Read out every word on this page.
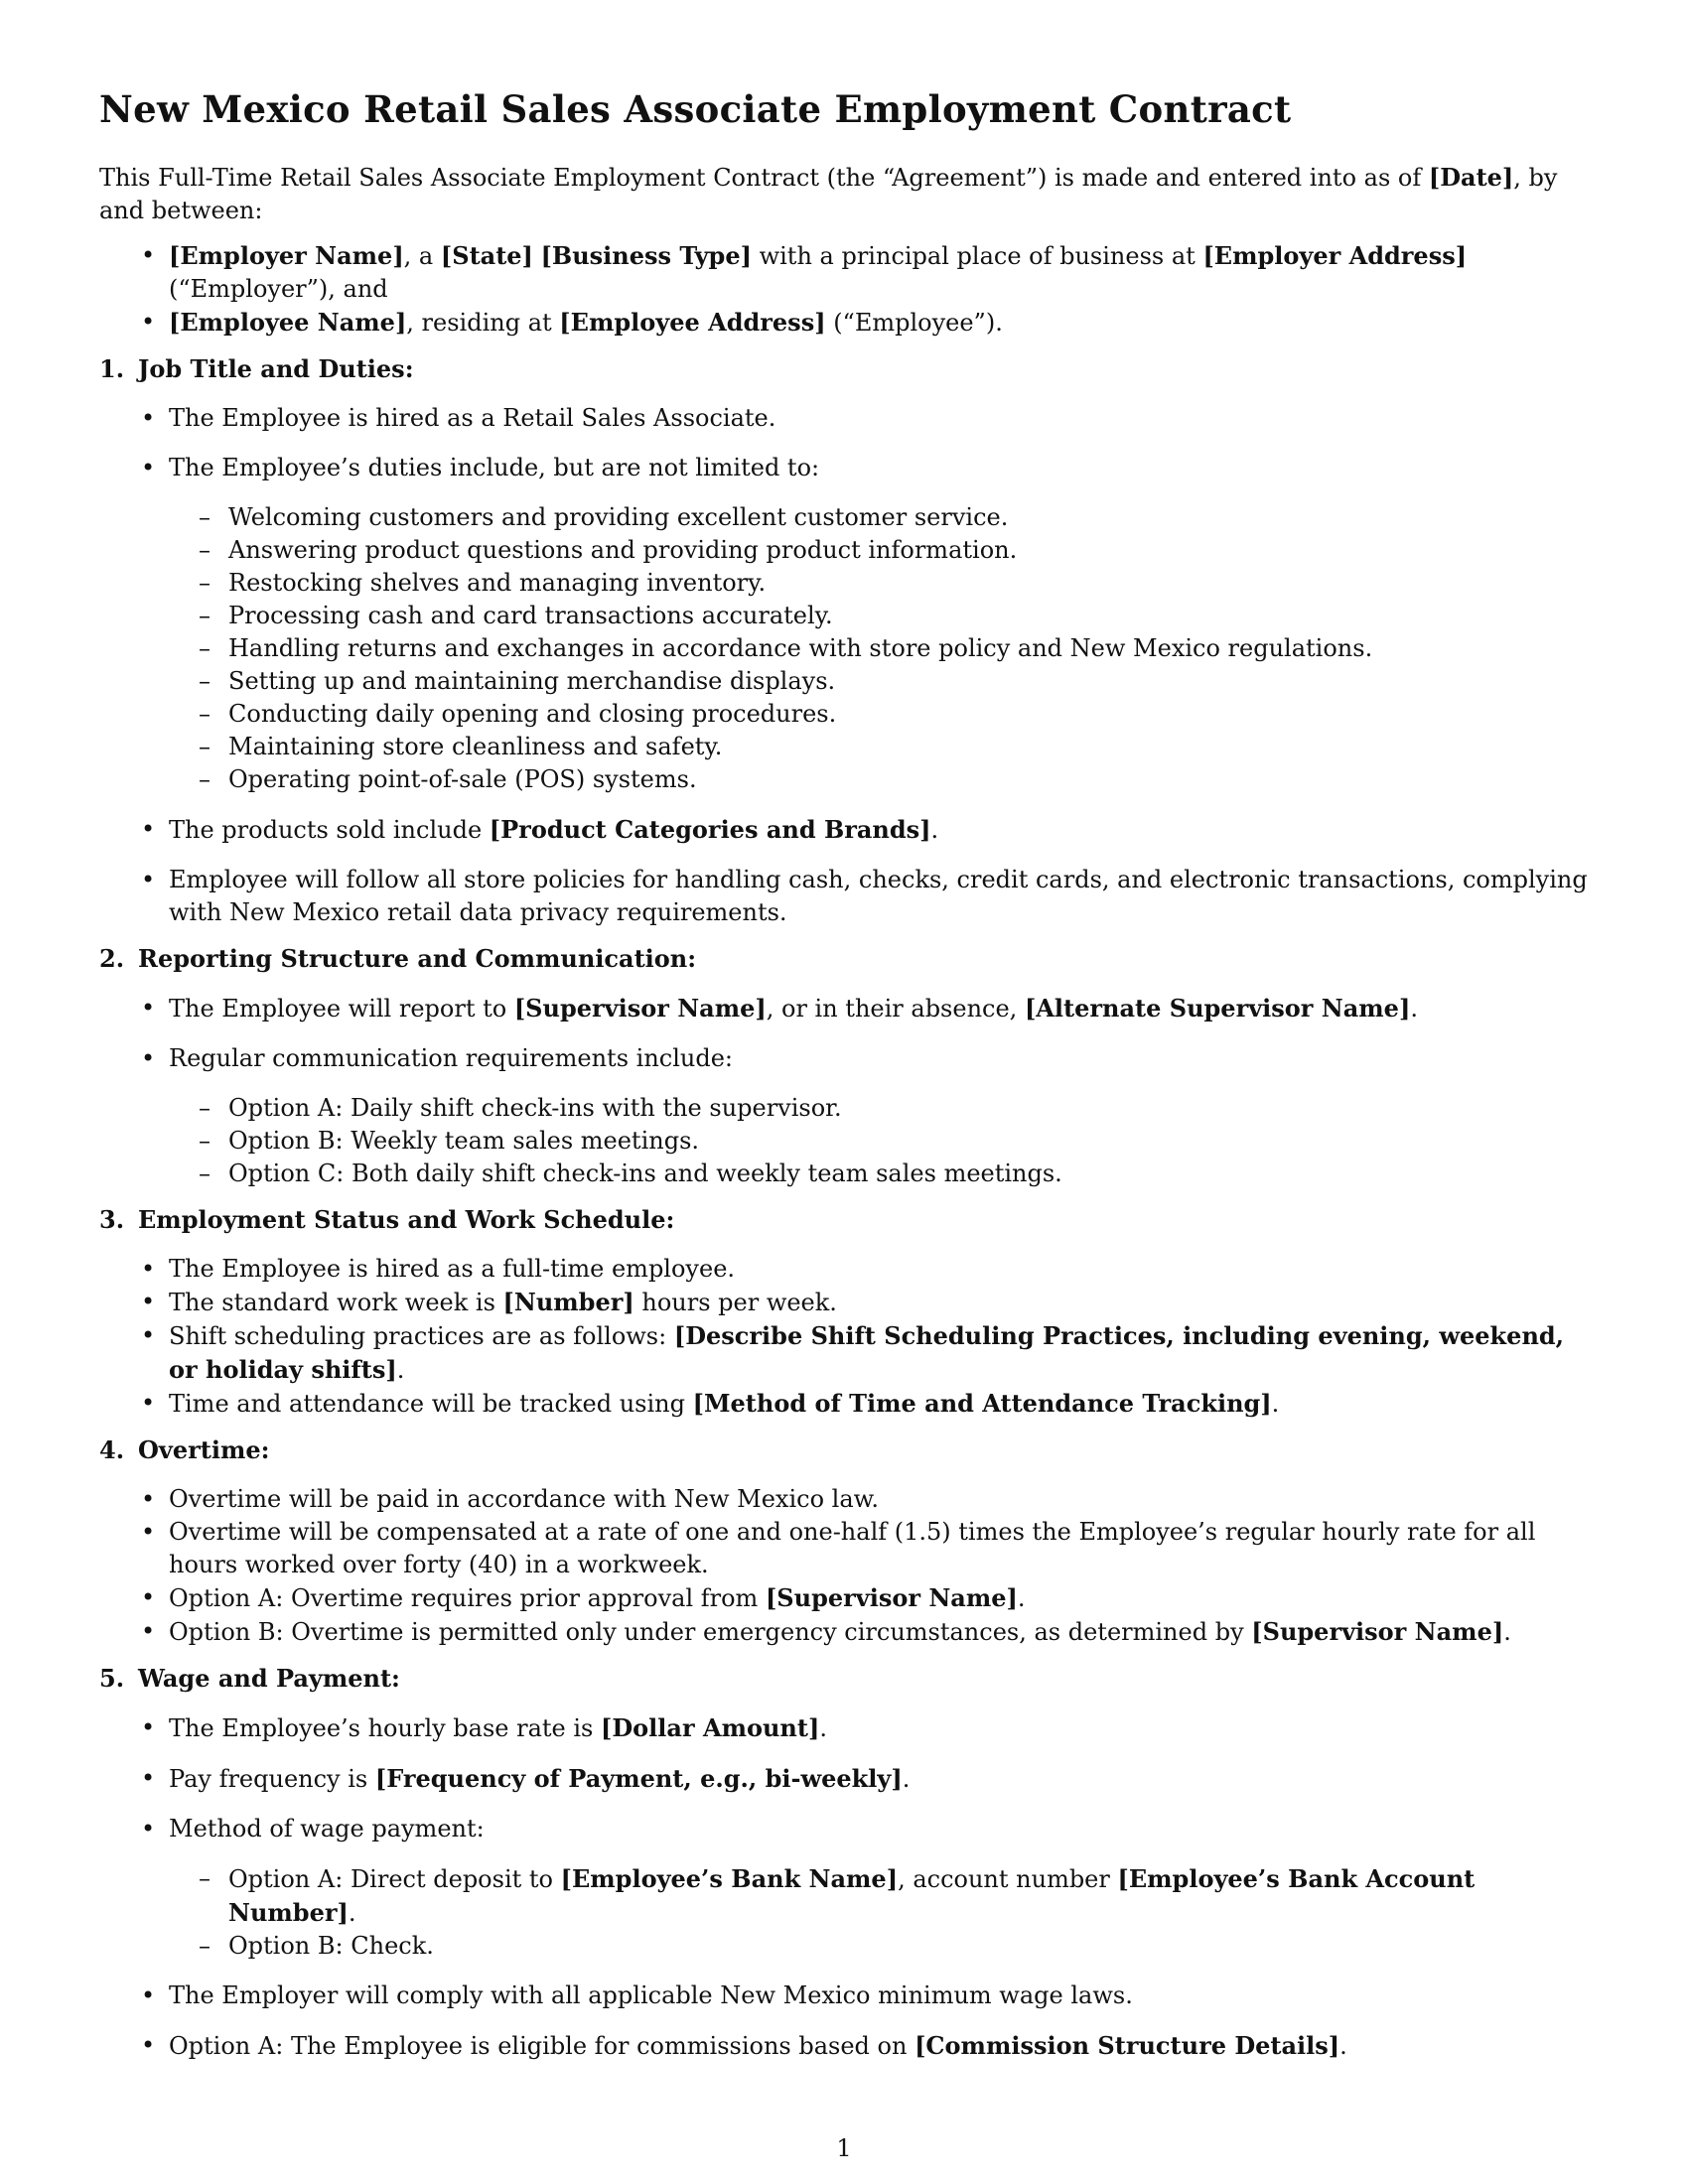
New Mexico Retail Sales Associate Employment Contract

This Full-Time Retail Sales Associate Employment Contract (the “Agreement”) is made and entered into as of [Date], by and between:

• [Employer Name], a [State] [Business Type] with a principal place of business at [Employer Address] (“Employer”), and
• [Employee Name], residing at [Employee Address] (“Employee”).
1. Job Title and Duties:
• The Employee is hired as a Retail Sales Associate.
• The Employee’s duties include, but are not limited to:
– Welcoming customers and providing excellent customer service.
– Answering product questions and providing product information.
– Restocking shelves and managing inventory.
– Processing cash and card transactions accurately.
– Handling returns and exchanges in accordance with store policy and New Mexico regulations.
– Setting up and maintaining merchandise displays.
– Conducting daily opening and closing procedures.
– Maintaining store cleanliness and safety.
– Operating point-of-sale (POS) systems.
• The products sold include [Product Categories and Brands].
• Employee will follow all store policies for handling cash, checks, credit cards, and electronic transactions, complying with New Mexico retail data privacy requirements.
2. Reporting Structure and Communication:
• The Employee will report to [Supervisor Name], or in their absence, [Alternate Supervisor Name].
• Regular communication requirements include:
– Option A: Daily shift check-ins with the supervisor.
– Option B: Weekly team sales meetings.
– Option C: Both daily shift check-ins and weekly team sales meetings.
3. Employment Status and Work Schedule:
• The Employee is hired as a full-time employee.
• The standard work week is [Number] hours per week.
• Shift scheduling practices are as follows: [Describe Shift Scheduling Practices, including evening, weekend, or holiday shifts].
• Time and attendance will be tracked using [Method of Time and Attendance Tracking].
4. Overtime:
• Overtime will be paid in accordance with New Mexico law.
• Overtime will be compensated at a rate of one and one-half (1.5) times the Employee’s regular hourly rate for all hours worked over forty (40) in a workweek.
• Option A: Overtime requires prior approval from [Supervisor Name].
• Option B: Overtime is permitted only under emergency circumstances, as determined by [Supervisor Name].
5. Wage and Payment:
• The Employee’s hourly base rate is [Dollar Amount].
• Pay frequency is [Frequency of Payment, e.g., bi-weekly].
• Method of wage payment:
– Option A: Direct deposit to [Employee’s Bank Name], account number [Employee’s Bank Account Number].
– Option B: Check.
• The Employer will comply with all applicable New Mexico minimum wage laws.
• Option A: The Employee is eligible for commissions based on [Commission Structure Details].
1
